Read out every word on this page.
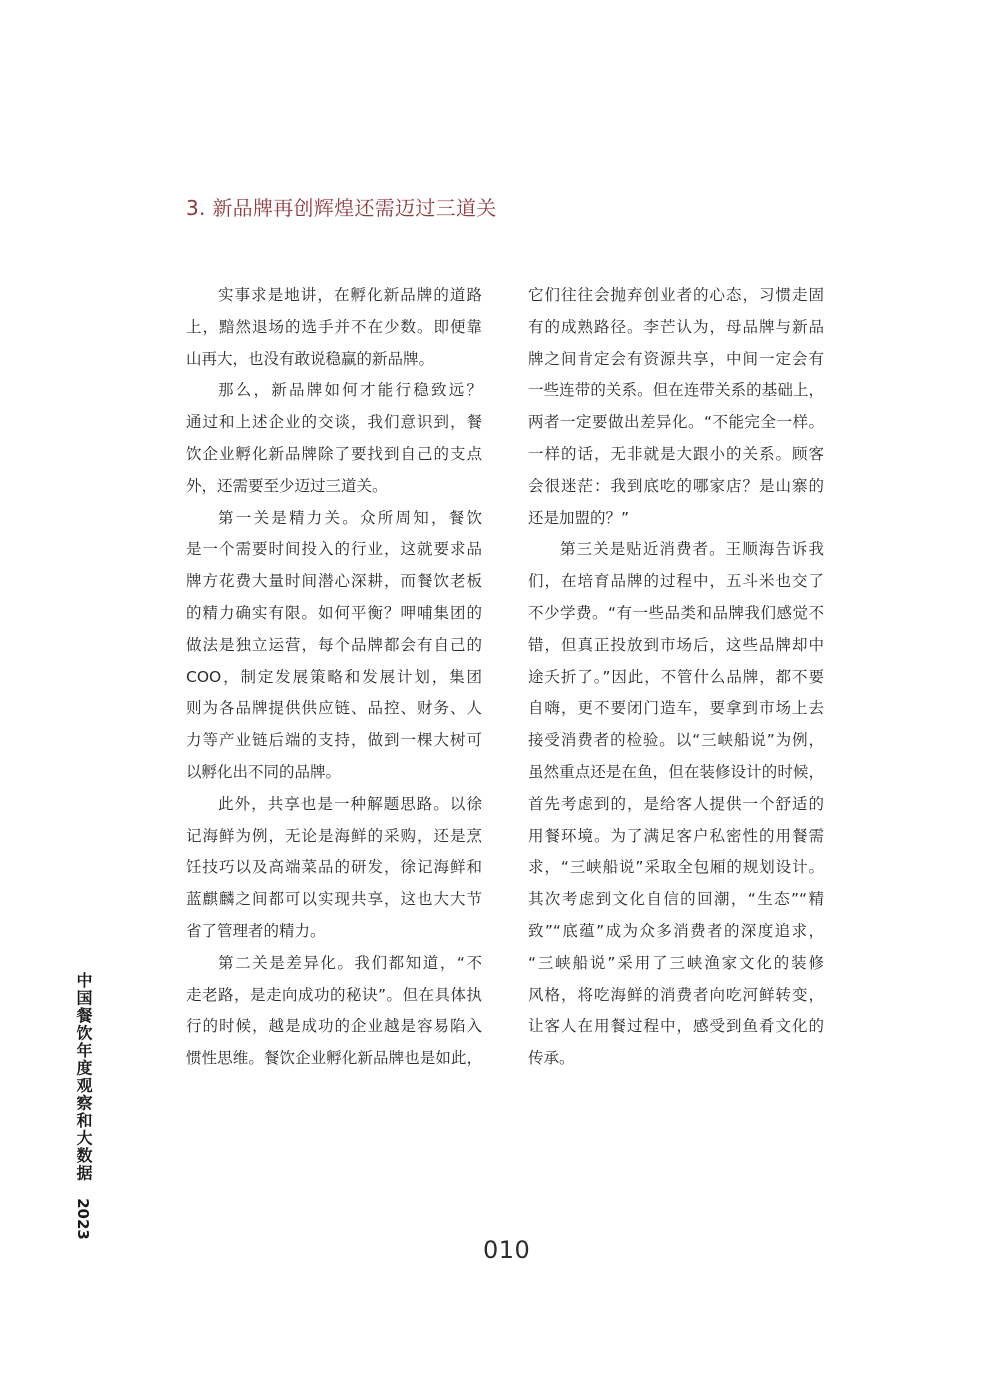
3. 新品牌再创辉煌还需迈过三道关
实事求是地讲，在孵化新品牌的道路
上，黯然退场的选手并不在少数。即便靠
山再大，也没有敢说稳赢的新品牌。
那么，新品牌如何才能行稳致远？
通过和上述企业的交谈，我们意识到，餐
饮企业孵化新品牌除了要找到自己的支点
外，还需要至少迈过三道关。
第一关是精力关。众所周知，餐饮
是一个需要时间投入的行业，这就要求品
牌方花费大量时间潜心深耕，而餐饮老板
的精力确实有限。如何平衡？呷哺集团的
做法是独立运营，每个品牌都会有自己的
COO，制定发展策略和发展计划，集团
则为各品牌提供供应链、品控、财务、人
力等产业链后端的支持，做到一棵大树可
以孵化出不同的品牌。
此外，共享也是一种解题思路。以徐
记海鲜为例，无论是海鲜的采购，还是烹
饪技巧以及高端菜品的研发，徐记海鲜和
蓝麒麟之间都可以实现共享，这也大大节
省了管理者的精力。
第二关是差异化。我们都知道，“不
走老路，是走向成功的秘诀”。但在具体执
行的时候，越是成功的企业越是容易陷入
惯性思维。餐饮企业孵化新品牌也是如此，
它们往往会抛弃创业者的心态，习惯走固
有的成熟路径。李芒认为，母品牌与新品
牌之间肯定会有资源共享，中间一定会有
一些连带的关系。但在连带关系的基础上，
两者一定要做出差异化。“不能完全一样。
一样的话，无非就是大跟小的关系。顾客
会很迷茫：我到底吃的哪家店？是山寨的
还是加盟的？”
第三关是贴近消费者。王顺海告诉我
们，在培育品牌的过程中，五斗米也交了
不少学费。“有一些品类和品牌我们感觉不
错，但真正投放到市场后，这些品牌却中
途夭折了。”因此，不管什么品牌，都不要
自嗨，更不要闭门造车，要拿到市场上去
接受消费者的检验。以“三峡船说”为例，
虽然重点还是在鱼，但在装修设计的时候，
首先考虑到的，是给客人提供一个舒适的
用餐环境。为了满足客户私密性的用餐需
求，“三峡船说”采取全包厢的规划设计。
其次考虑到文化自信的回潮，“生态”“精
致”“底蕴”成为众多消费者的深度追求，
“三峡船说”采用了三峡渔家文化的装修
风格，将吃海鲜的消费者向吃河鲜转变，
让客人在用餐过程中，感受到鱼肴文化的
传承。
中国餐饮年度观察和大数据
2023
010
